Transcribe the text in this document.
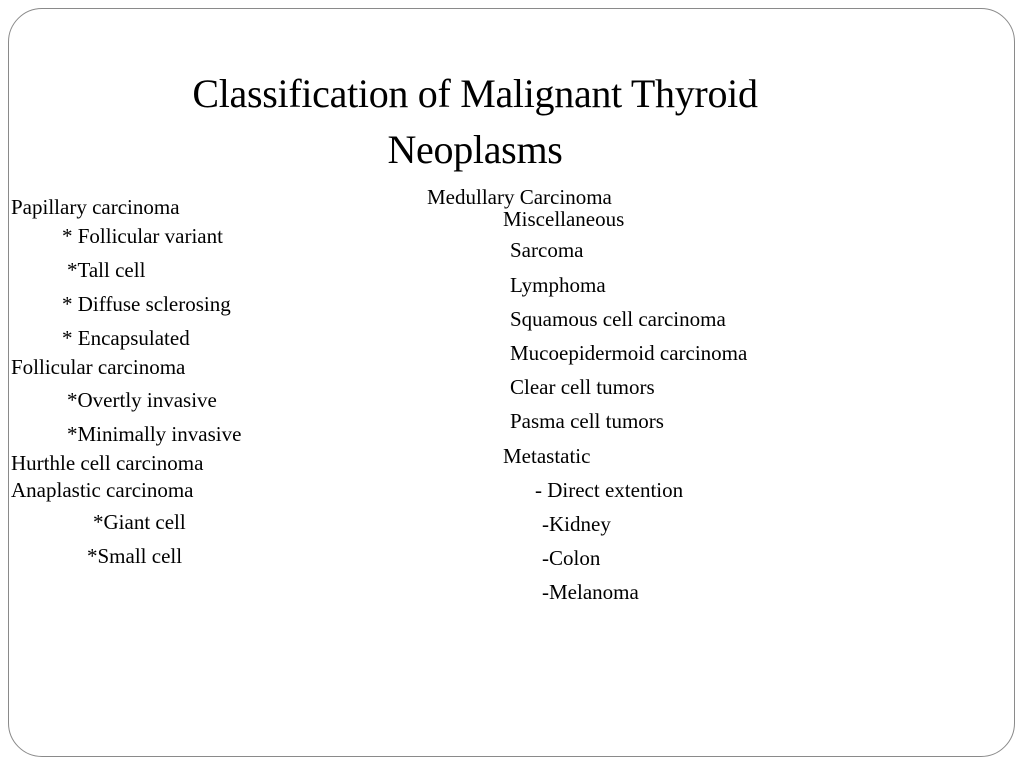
Classification of Malignant Thyroid
Neoplasms
Papillary carcinoma
* Follicular variant
*Tall cell
* Diffuse sclerosing
* Encapsulated
Follicular carcinoma
*Overtly invasive
*Minimally invasive
Hurthle cell carcinoma
Anaplastic carcinoma
*Giant cell
*Small cell
Medullary Carcinoma
Miscellaneous
Sarcoma
Lymphoma
Squamous cell carcinoma
Mucoepidermoid carcinoma
Clear cell tumors
Pasma cell tumors
Metastatic
- Direct extention
-Kidney
-Colon
-Melanoma
